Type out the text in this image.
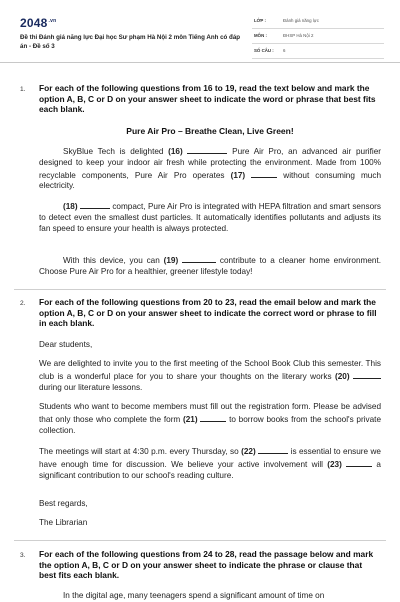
$2048^{.vn}$
Đề thi Đánh giá năng lực Đại học Sư phạm Hà Nội 2 môn Tiếng Anh có đáp án - Đề số 3
LỚP :	Đánh giá năng lực
MÔN :	ĐHSP Hà Nội 2
SỐ CÂU : 6
1. For each of the following questions from 16 to 19, read the text below and mark the option A, B, C or D on your answer sheet to indicate the word or phrase that best fits each blank.
Pure Air Pro – Breathe Clean, Live Green!
SkyBlue Tech is delighted (16)	Pure Air Pro, an advanced air purifier designed to keep your indoor air fresh while protecting the environment. Made from 100% recyclable components, Pure Air Pro operates (17)	without consuming much electricity.
(18)	compact, Pure Air Pro is integrated with HEPA filtration and smart sensors to detect even the smallest dust particles. It automatically identifies pollutants and adjusts its fan speed to ensure your health is always protected.
With this device, you can (19)	contribute to a cleaner home environment. Choose Pure Air Pro for a healthier, greener lifestyle today!
2. For each of the following questions from 20 to 23, read the email below and mark the option A, B, C or D on your answer sheet to indicate the correct word or phrase to fill in each blank.
Dear students,
We are delighted to invite you to the first meeting of the School Book Club this semester. This club is a wonderful place for you to share your thoughts on the literary works (20)  during our literature lessons.
Students who want to become members must fill out the registration form. Please be advised that only those who complete the form (21)	to borrow books from the school's private collection.
The meetings will start at 4:30 p.m. every Thursday, so (22)	is essential to ensure we have enough time for discussion. We believe your active involvement will (23)	a significant contribution to our school's reading culture.
Best regards,
The Librarian
3. For each of the following questions from 24 to 28, read the passage below and mark the option A, B, C or D on your answer sheet to indicate the phrase or clause that best fits each blank.
In the digital age, many teenagers spend a significant amount of time on
